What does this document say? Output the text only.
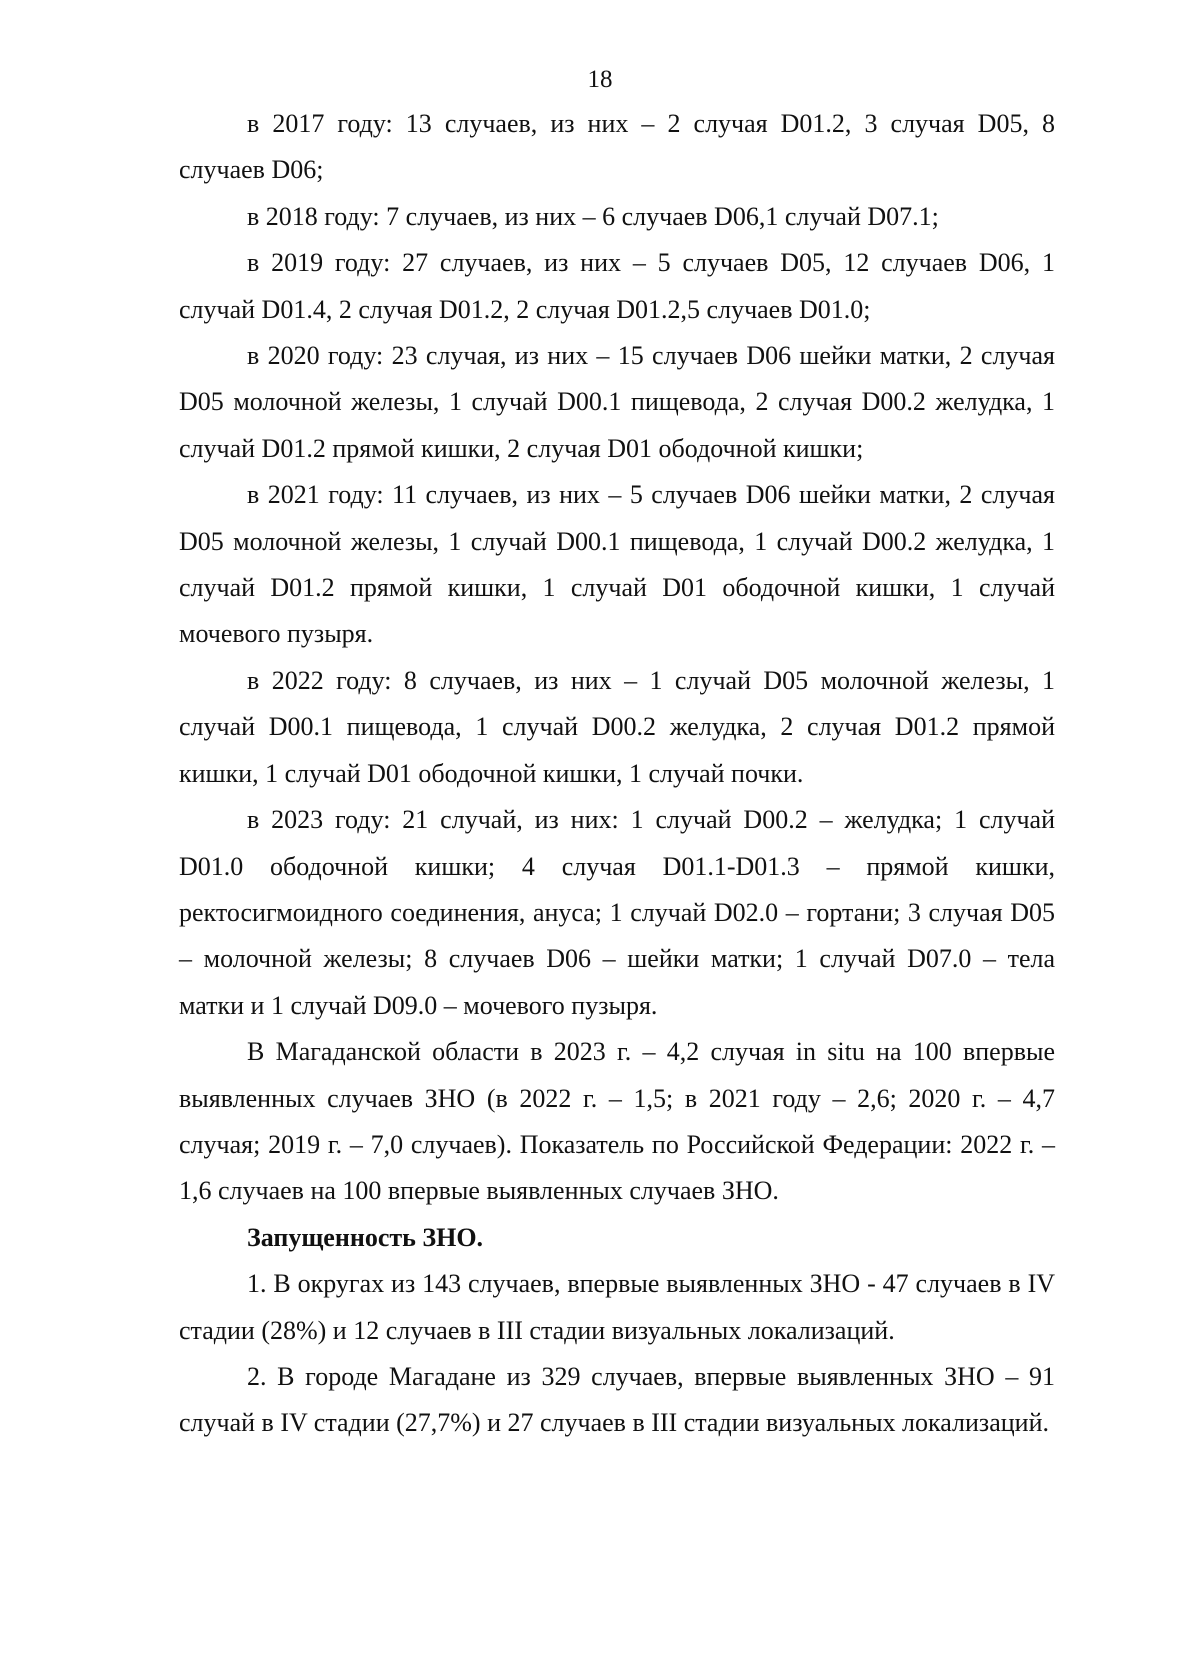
18

в 2017 году: 13 случаев, из них – 2 случая D01.2, 3 случая D05, 8 случаев D06;

в 2018 году: 7 случаев, из них – 6 случаев D06,1 случай D07.1;

в 2019 году: 27 случаев, из них – 5 случаев D05, 12 случаев D06, 1 случай D01.4, 2 случая D01.2, 2 случая D01.2,5 случаев D01.0;

в 2020 году: 23 случая, из них – 15 случаев D06 шейки матки, 2 случая D05 молочной железы, 1 случай D00.1 пищевода, 2 случая D00.2 желудка, 1 случай D01.2 прямой кишки, 2 случая D01 ободочной кишки;

в 2021 году: 11 случаев, из них – 5 случаев D06 шейки матки, 2 случая D05 молочной железы, 1 случай D00.1 пищевода, 1 случай D00.2 желудка, 1 случай D01.2 прямой кишки, 1 случай D01 ободочной кишки, 1 случай мочевого пузыря.

в 2022 году: 8 случаев, из них – 1 случай D05 молочной железы, 1 случай D00.1 пищевода, 1 случай D00.2 желудка, 2 случая D01.2 прямой кишки, 1 случай D01 ободочной кишки, 1 случай почки.

в 2023 году: 21 случай, из них: 1 случай D00.2 – желудка; 1 случай D01.0 ободочной кишки; 4 случая D01.1-D01.3 – прямой кишки, ректосигмоидного соединения, ануса; 1 случай D02.0 – гортани; 3 случая D05 – молочной железы; 8 случаев D06 – шейки матки; 1 случай D07.0 – тела матки и 1 случай D09.0 – мочевого пузыря.

В Магаданской области в 2023 г. – 4,2 случая in situ на 100 впервые выявленных случаев ЗНО (в 2022 г. – 1,5; в 2021 году – 2,6; 2020 г. – 4,7 случая; 2019 г. – 7,0 случаев). Показатель по Российской Федерации: 2022 г. – 1,6 случаев на 100 впервые выявленных случаев ЗНО.

Запущенность ЗНО.

1. В округах из 143 случаев, впервые выявленных ЗНО - 47 случаев в IV стадии (28%) и 12 случаев в III стадии визуальных локализаций.

2. В городе Магадане из 329 случаев, впервые выявленных ЗНО – 91 случай в IV стадии (27,7%) и 27 случаев в III стадии визуальных локализаций.
